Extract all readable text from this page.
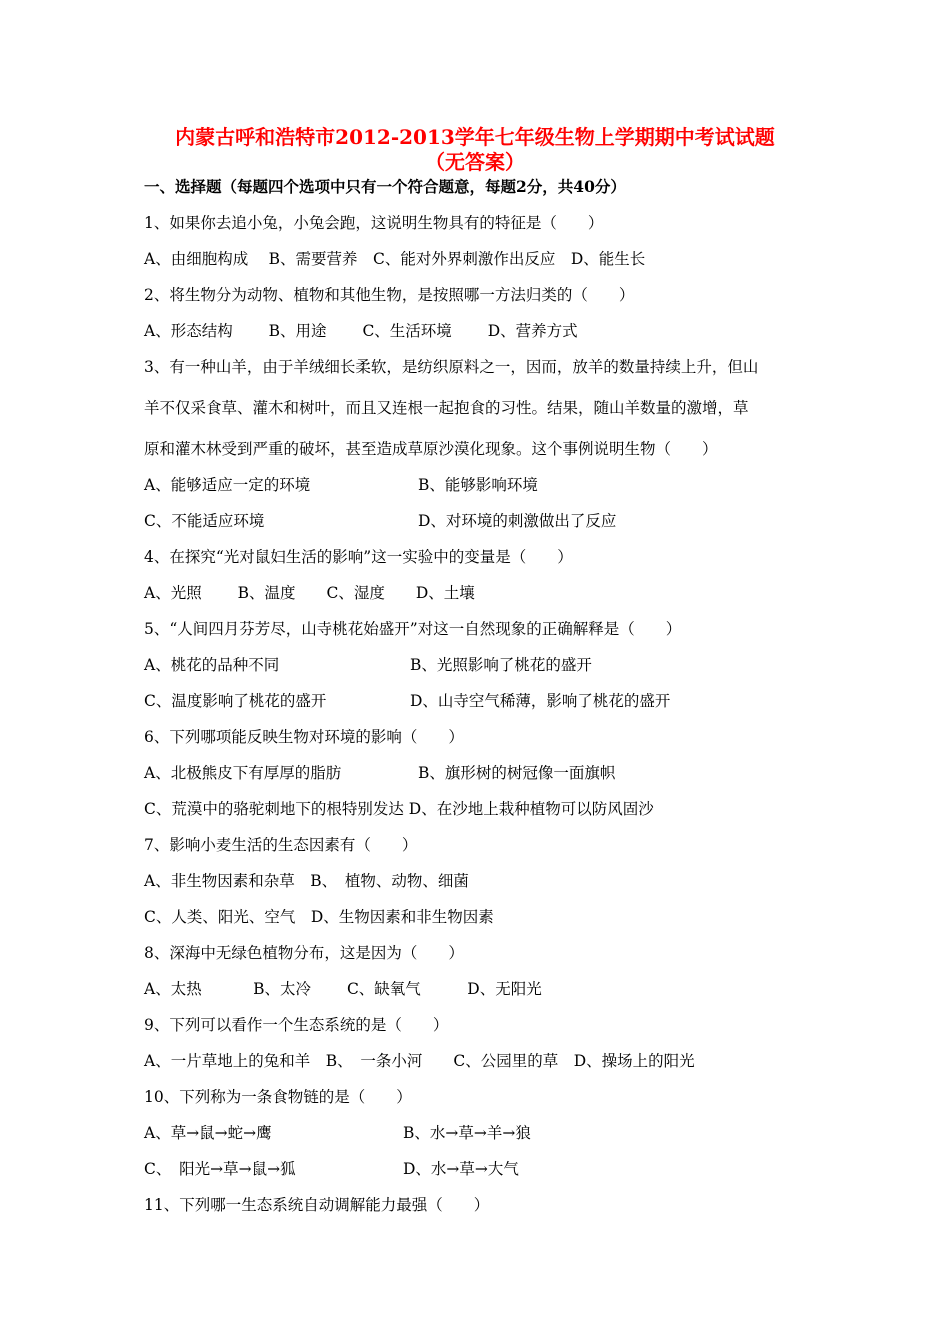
内蒙古呼和浩特市2012-2013学年七年级生物上学期期中考试试题
（无答案）
一、选择题（每题四个选项中只有一个符合题意，每题2分，共40分）
1、如果你去追小兔，小兔会跑，这说明生物具有的特征是（　　）
A、由细胞构成　 B、需要营养　C、能对外界刺激作出反应　D、能生长
2、将生物分为动物、植物和其他生物，是按照哪一方法归类的（　　）
A、形态结构　　 B、用途　　 C、生活环境　　 D、营养方式
3、有一种山羊，由于羊绒细长柔软，是纺织原料之一，因而，放羊的数量持续上升，但山
羊不仅采食草、灌木和树叶，而且又连根一起抱食的习性。结果，随山羊数量的激增，草
原和灌木林受到严重的破坏，甚至造成草原沙漠化现象。这个事例说明生物（　　）
A、能够适应一定的环境	B、能够影响环境
C、不能适应环境	D、对环境的刺激做出了反应
4、在探究“光对鼠妇生活的影响”这一实验中的变量是（　　）
A、光照　　 B、温度　　C、湿度　　D、土壤
5、“人间四月芬芳尽，山寺桃花始盛开”对这一自然现象的正确解释是（　　）
A、桃花的品种不同	B、光照影响了桃花的盛开
C、温度影响了桃花的盛开	D、山寺空气稀薄，影响了桃花的盛开
6、下列哪项能反映生物对环境的影响（　　）
A、北极熊皮下有厚厚的脂肪	B、旗形树的树冠像一面旗帜
C、荒漠中的骆驼刺地下的根特别发达 D、在沙地上栽种植物可以防风固沙
7、影响小麦生活的生态因素有（　　）
A、非生物因素和杂草　B、　植物、动物、细菌
C、人类、阳光、空气　D、生物因素和非生物因素
8、深海中无绿色植物分布，这是因为（　　）
A、太热　　　 B、太冷　　 C、缺氧气　　　D、无阳光
9、下列可以看作一个生态系统的是（　　）
A、一片草地上的兔和羊　B、　一条小河　　C、公园里的草　D、操场上的阳光
10、下列称为一条食物链的是（　　）
A、草→鼠→蛇→鹰	B、水→草→羊→狼
C、　阳光→草→鼠→狐	D、水→草→大气
11、下列哪一生态系统自动调解能力最强（　　）
